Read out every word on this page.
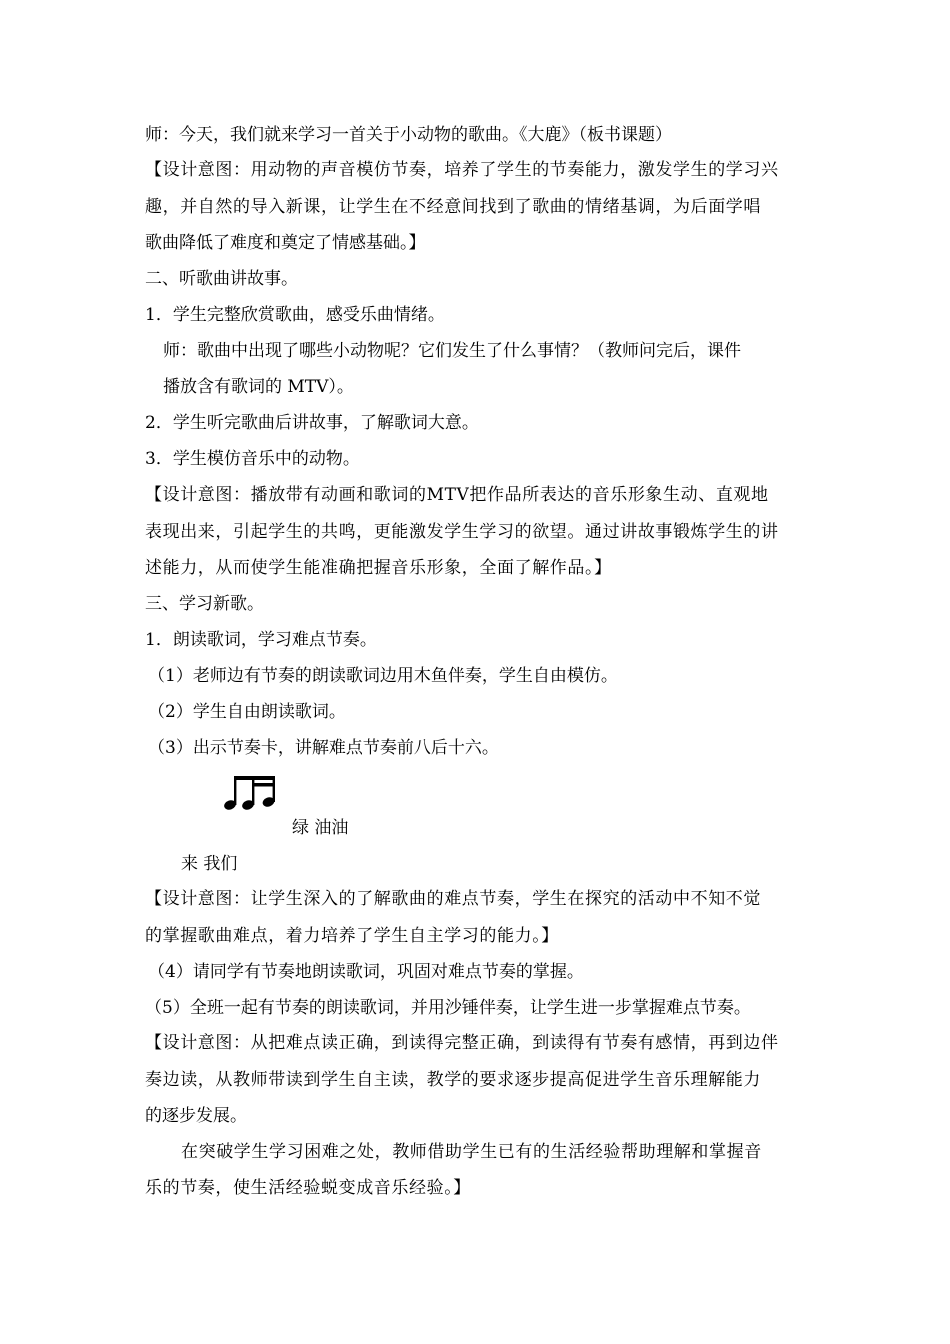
师：今天，我们就来学习一首关于小动物的歌曲。《大鹿》（板书课题）
【设计意图：用动物的声音模仿节奏，培养了学生的节奏能力，激发学生的学习兴
趣，并自然的导入新课，让学生在不经意间找到了歌曲的情绪基调，为后面学唱
歌曲降低了难度和奠定了情感基础。】
二、听歌曲讲故事。
1．学生完整欣赏歌曲，感受乐曲情绪。
师：歌曲中出现了哪些小动物呢？它们发生了什么事情？（教师问完后，课件
播放含有歌词的 MTV）。
2．学生听完歌曲后讲故事，了解歌词大意。
3．学生模仿音乐中的动物。
【设计意图：播放带有动画和歌词的MTV把作品所表达的音乐形象生动、直观地
表现出来，引起学生的共鸣，更能激发学生学习的欲望。通过讲故事锻炼学生的讲
述能力，从而使学生能准确把握音乐形象，全面了解作品。】
三、学习新歌。
1．朗读歌词，学习难点节奏。
（1）老师边有节奏的朗读歌词边用木鱼伴奏，学生自由模仿。
（2）学生自由朗读歌词。
（3）出示节奏卡，讲解难点节奏前八后十六。
绿 油油
来 我们
【设计意图：让学生深入的了解歌曲的难点节奏，学生在探究的活动中不知不觉
的掌握歌曲难点，着力培养了学生自主学习的能力。】
（4）请同学有节奏地朗读歌词，巩固对难点节奏的掌握。
（5）全班一起有节奏的朗读歌词，并用沙锤伴奏，让学生进一步掌握难点节奏。
【设计意图：从把难点读正确，到读得完整正确，到读得有节奏有感情，再到边伴
奏边读，从教师带读到学生自主读，教学的要求逐步提高促进学生音乐理解能力
的逐步发展。
在突破学生学习困难之处，教师借助学生已有的生活经验帮助理解和掌握音
乐的节奏，使生活经验蜕变成音乐经验。】
